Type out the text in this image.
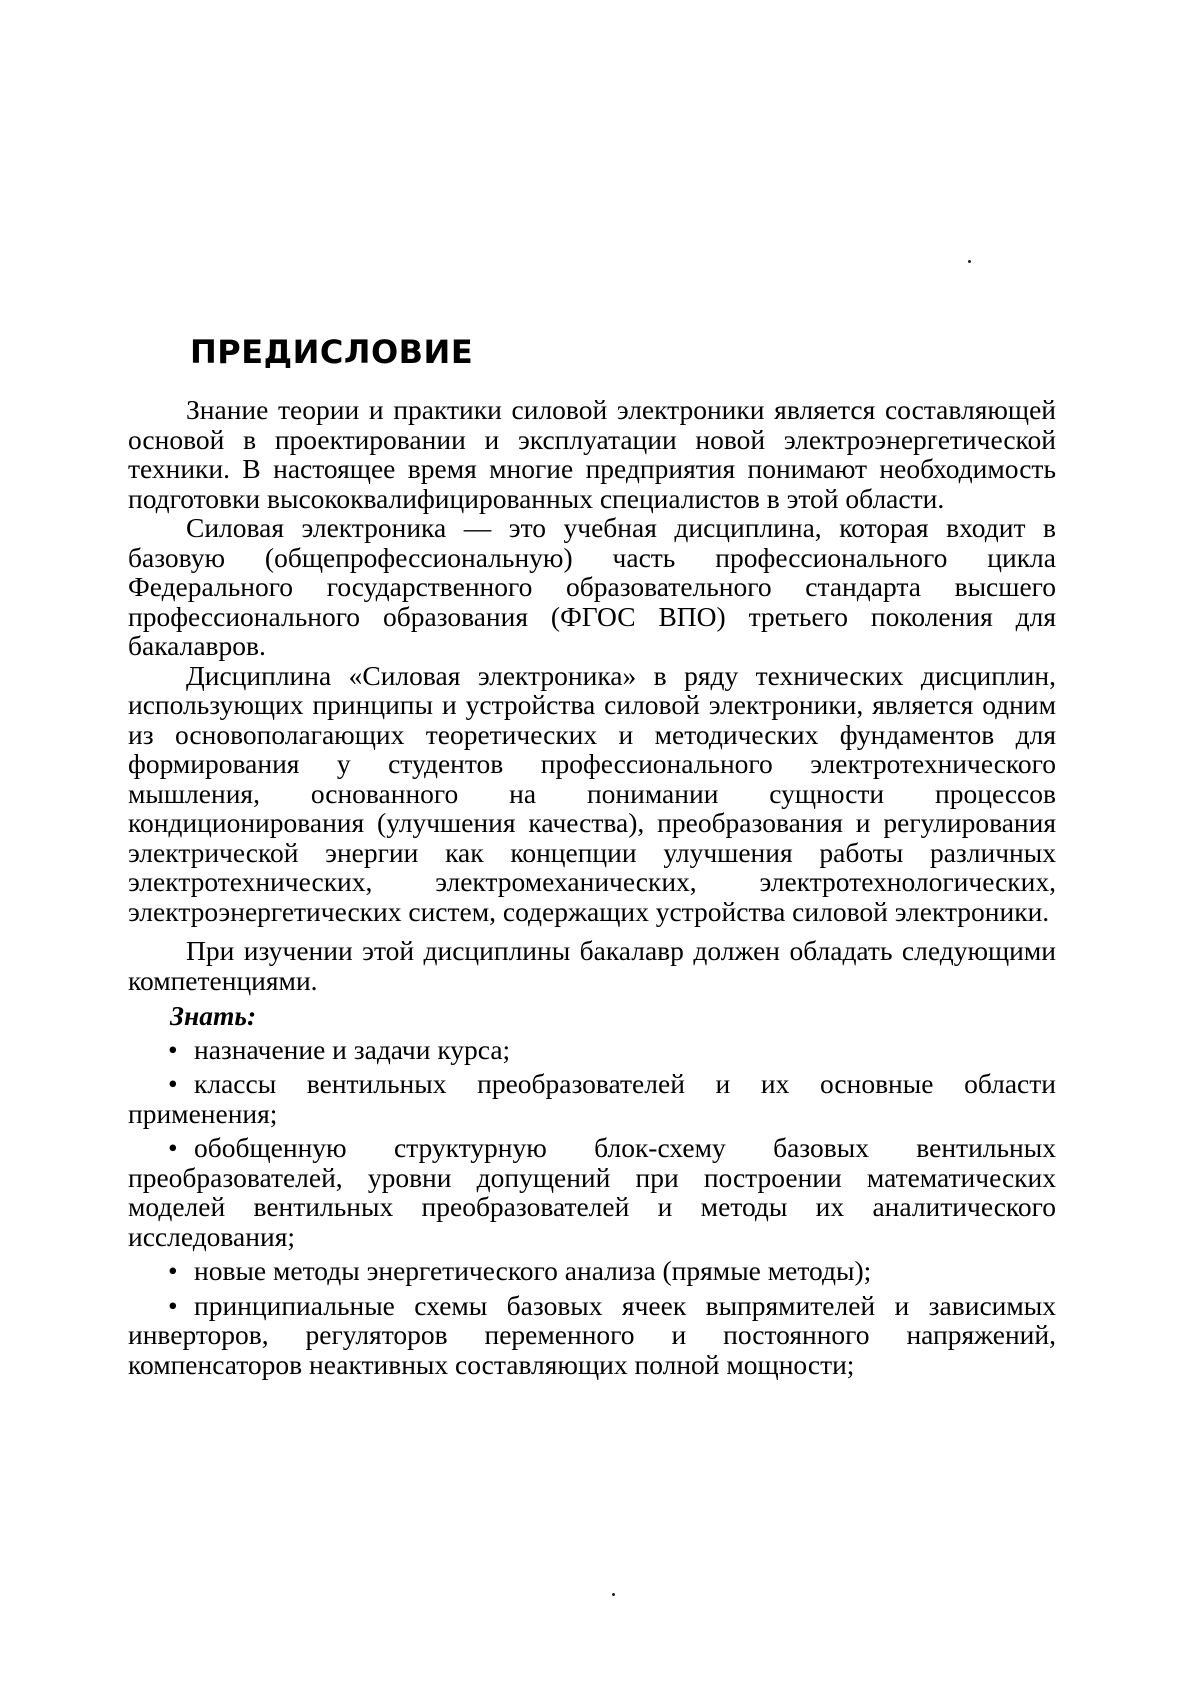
ПРЕДИСЛОВИЕ

Знание теории и практики силовой электроники является составляющей основой в проектировании и эксплуатации новой электроэнергетической техники. В настоящее время многие предприятия понимают необходимость подготовки высококвалифицированных специалистов в этой области.

Силовая электроника — это учебная дисциплина, которая входит в базовую (общепрофессиональную) часть профессионального цикла Федерального государственного образовательного стандарта высшего профессионального образования (ФГОС ВПО) третьего поколения для бакалавров.

Дисциплина «Силовая электроника» в ряду технических дисциплин, использующих принципы и устройства силовой электроники, является одним из основополагающих теоретических и методических фундаментов для формирования у студентов профессионального электротехнического мышления, основанного на понимании сущности процессов кондиционирования (улучшения качества), преобразования и регулирования электрической энергии как концепции улучшения работы различных электротехнических, электромеханических, электротехнологических, электроэнергетических систем, содержащих устройства силовой электроники.

При изучении этой дисциплины бакалавр должен обладать следующими компетенциями.

Знать:

• назначение и задачи курса;
• классы вентильных преобразователей и их основные области применения;
• обобщенную структурную блок-схему базовых вентильных преобразователей, уровни допущений при построении математических моделей вентильных преобразователей и методы их аналитического исследования;
• новые методы энергетического анализа (прямые методы);
• принципиальные схемы базовых ячеек выпрямителей и зависимых инверторов, регуляторов переменного и постоянного напряжений, компенсаторов неактивных составляющих полной мощности;
